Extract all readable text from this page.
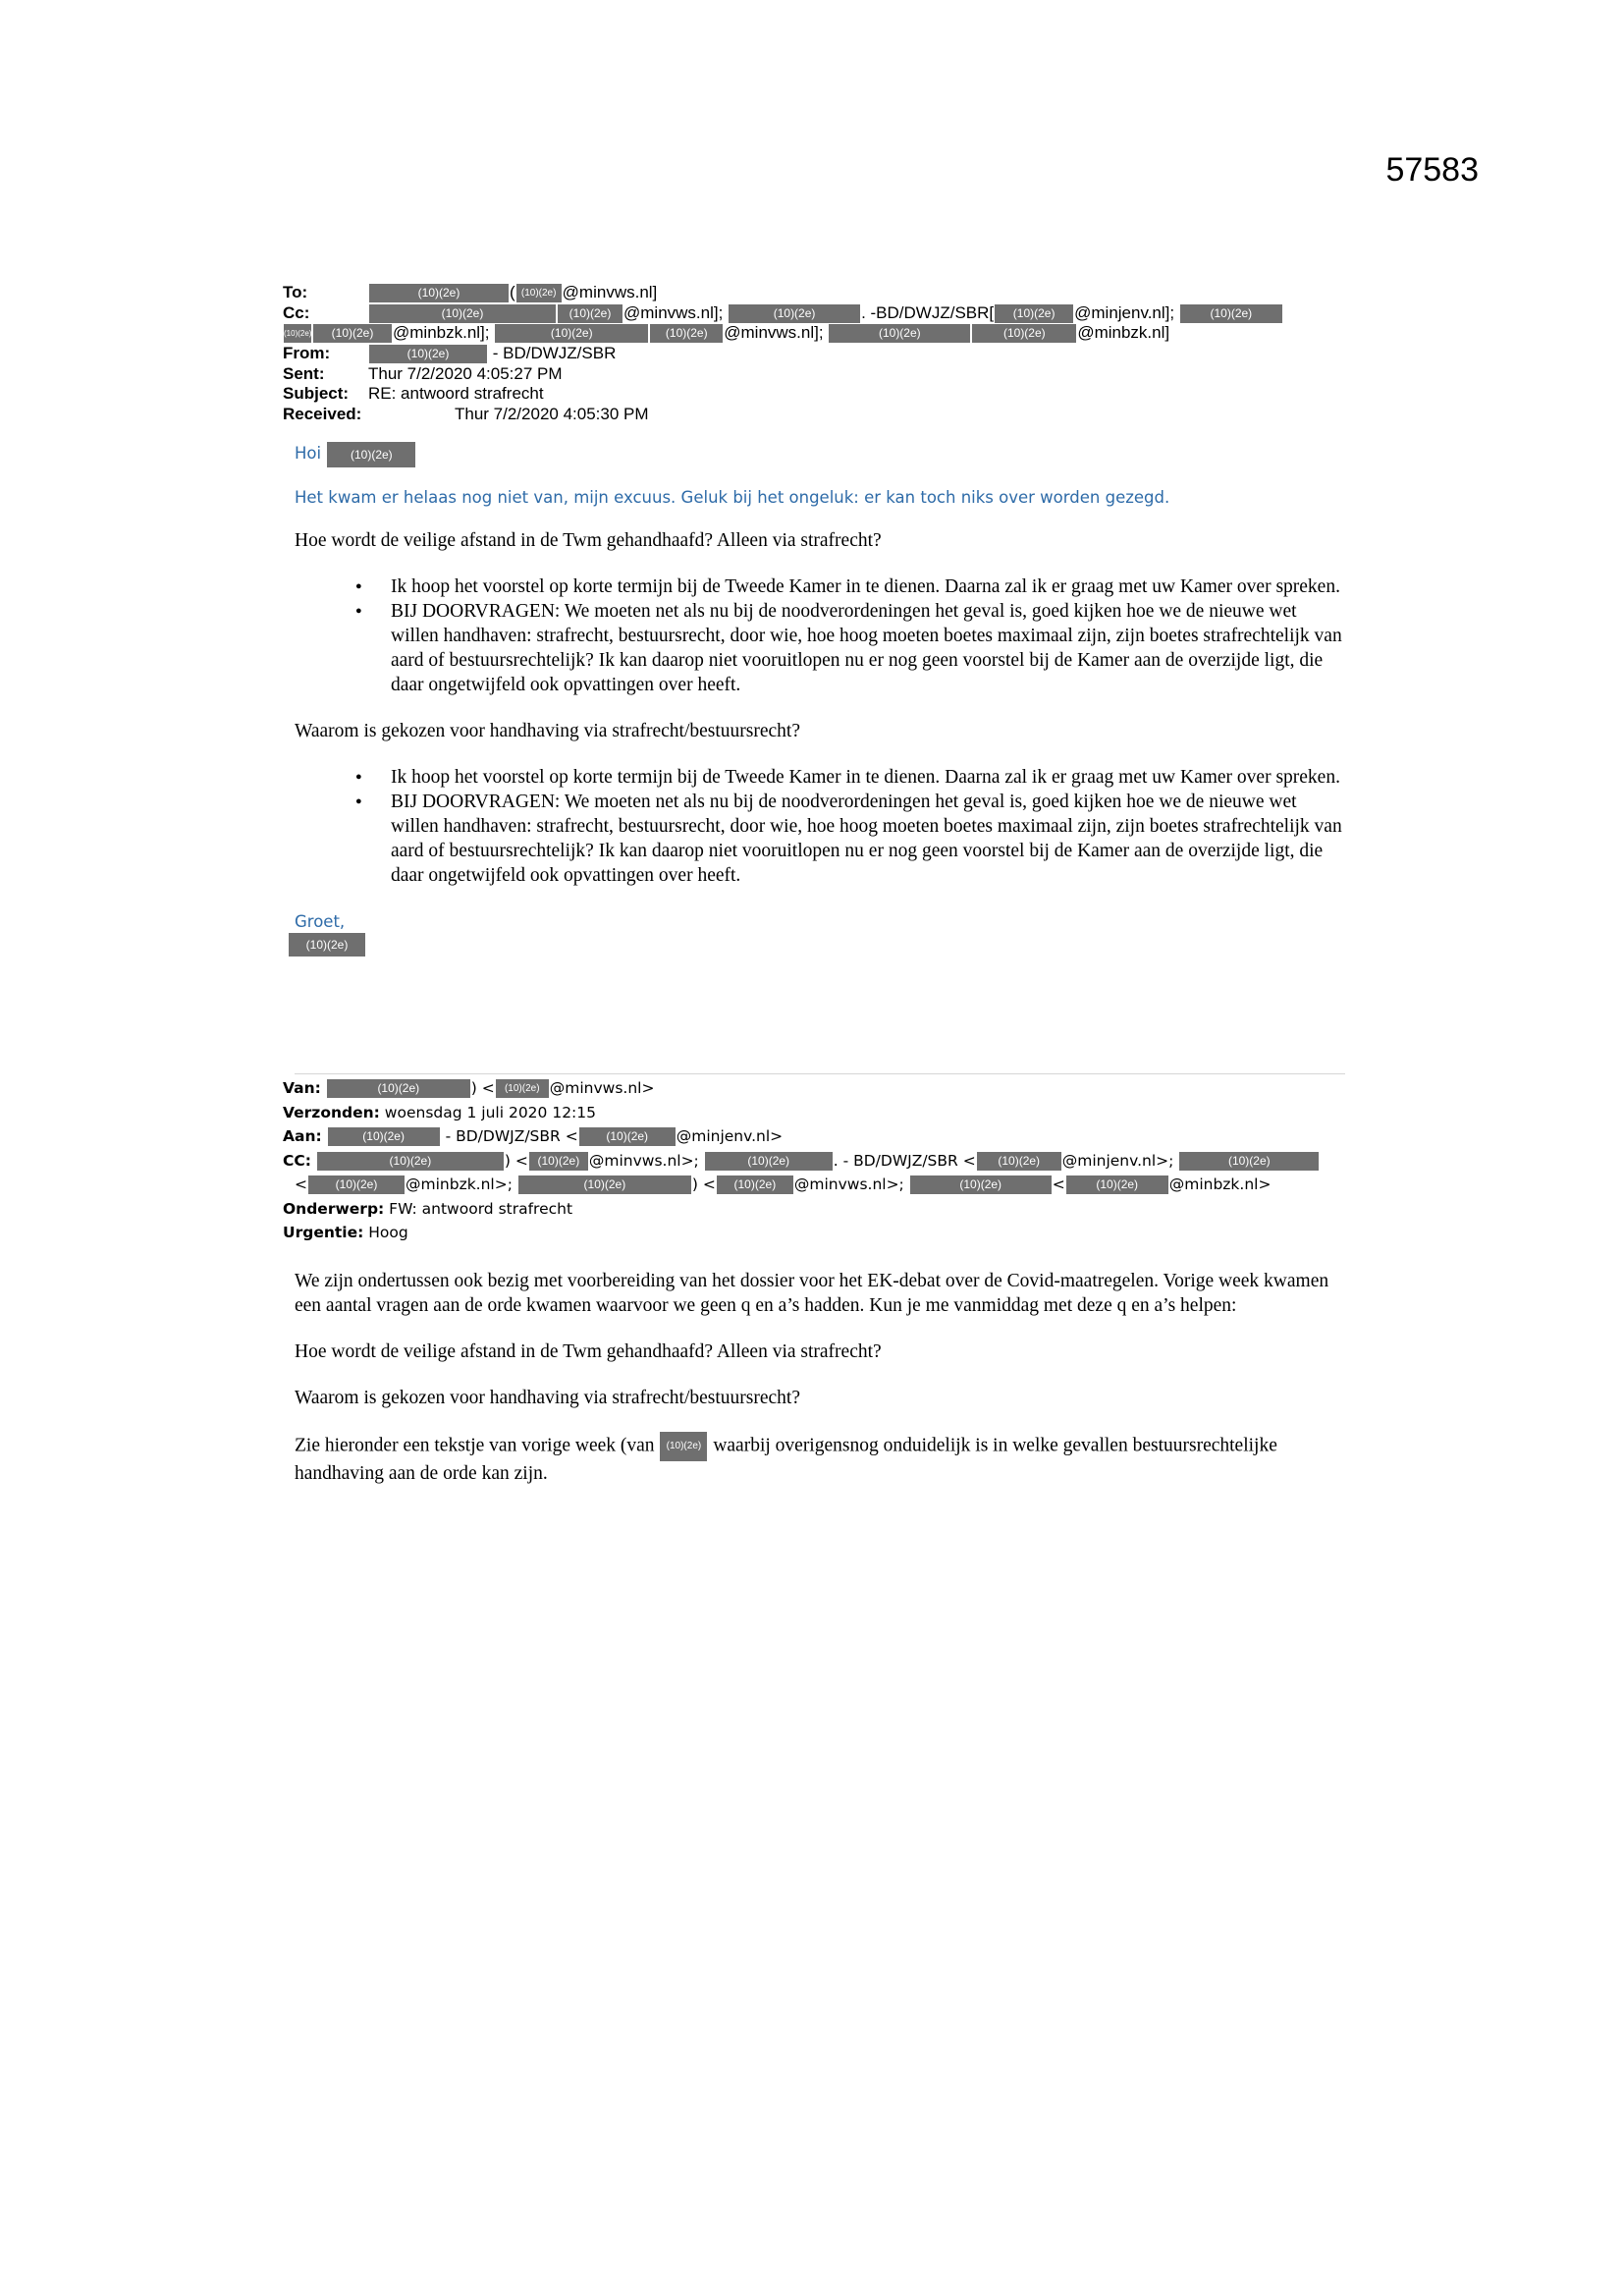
57583
To:	(10)(2e)	( (10)(2e) @minvws.nl]
Cc:	(10)(2e)	(10)(2e) @minvws.nl];	(10)(2e)	. -BD/DWJZ/SBR[ (10)(2e) @minjenv.nl];	(10)(2e)
(10)(2e) (10)(2e) @minbzk.nl];	(10)(2e)	(10)(2e) @minvws.nl];	(10)(2e)	(10)(2e) @minbzk.nl]
From:	(10)(2e)	- BD/DWJZ/SBR
Sent:	Thur 7/2/2020 4:05:27 PM
Subject: RE: antwoord strafrecht
Received:	Thur 7/2/2020 4:05:30 PM
Hoi (10)(2e)
Het kwam er helaas nog niet van, mijn excuus. Geluk bij het ongeluk: er kan toch niks over worden gezegd.
Hoe wordt de veilige afstand in de Twm gehandhaafd? Alleen via strafrecht?
● Ik hoop het voorstel op korte termijn bij de Tweede Kamer in te dienen. Daarna zal ik er graag met uw Kamer over spreken.
● BIJ DOORVRAGEN: We moeten net als nu bij de noodverordeningen het geval is, goed kijken hoe we de nieuwe wet willen handhaven: strafrecht, bestuursrecht, door wie, hoe hoog moeten boetes maximaal zijn, zijn boetes strafrechtelijk van aard of bestuursrechtelijk? Ik kan daarop niet vooruitlopen nu er nog geen voorstel bij de Kamer aan de overzijde ligt, die daar ongetwijfeld ook opvattingen over heeft.
Waarom is gekozen voor handhaving via strafrecht/bestuursrecht?
● Ik hoop het voorstel op korte termijn bij de Tweede Kamer in te dienen. Daarna zal ik er graag met uw Kamer over spreken.
● BIJ DOORVRAGEN: We moeten net als nu bij de noodverordeningen het geval is, goed kijken hoe we de nieuwe wet willen handhaven: strafrecht, bestuursrecht, door wie, hoe hoog moeten boetes maximaal zijn, zijn boetes strafrechtelijk van aard of bestuursrechtelijk? Ik kan daarop niet vooruitlopen nu er nog geen voorstel bij de Kamer aan de overzijde ligt, die daar ongetwijfeld ook opvattingen over heeft.
Groet,
(10)(2e)
Van:	(10)(2e)	) < (10)(2e) @minvws.nl>
Verzonden: woensdag 1 juli 2020 12:15
Aan:	(10)(2e)	- BD/DWJZ/SBR < (10)(2e) @minjenv.nl>
CC:	(10)(2e)	) < (10)(2e) @minvws.nl>;	(10)(2e)	. - BD/DWJZ/SBR < (10)(2e) @minjenv.nl>;	(10)(2e)
< (10)(2e) @minbzk.nl>;	(10)(2e)	) < (10)(2e) @minvws.nl>;	(10)(2e)	<	(10)(2e) @minbzk.nl>
Onderwerp: FW: antwoord strafrecht
Urgentie: Hoog
We zijn ondertussen ook bezig met voorbereiding van het dossier voor het EK-debat over de Covid-maatregelen. Vorige week kwamen een aantal vragen aan de orde kwamen waarvoor we geen q en a’s hadden. Kun je me vanmiddag met deze q en a’s helpen:
Hoe wordt de veilige afstand in de Twm gehandhaafd? Alleen via strafrecht?
Waarom is gekozen voor handhaving via strafrecht/bestuursrecht?
Zie hieronder een tekstje van vorige week (van (10)(2e) waarbij overigensnog onduidelijk is in welke gevallen bestuursrechtelijke handhaving aan de orde kan zijn.
